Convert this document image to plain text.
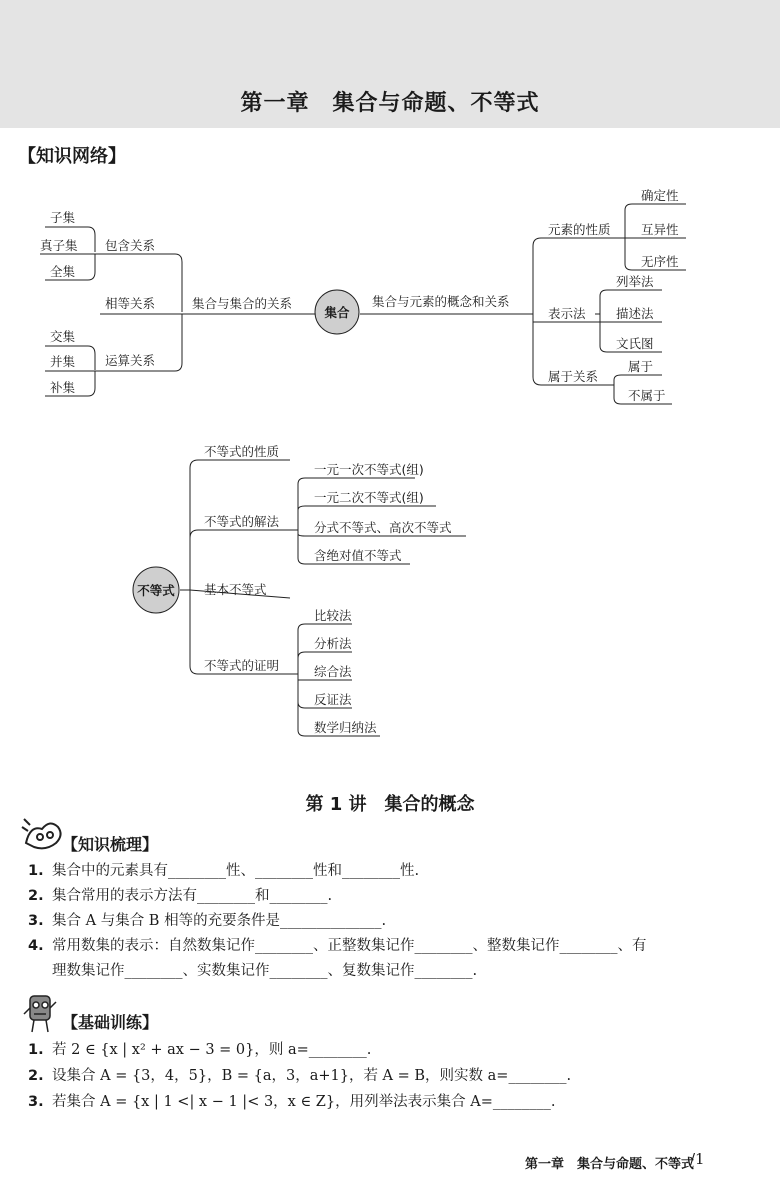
第一章　集合与命题、不等式
【知识网络】
集合
集合与集合的关系	集合与元素的概念和关系
包含关系
子集
真子集
全集
相等关系
运算关系
交集
并集
补集
元素的性质
确定性
互异性
无序性
表示法
列举法
描述法
文氏图
属于关系
属于
不属于
不等式
不等式的性质
不等式的解法
一元一次不等式(组)
一元二次不等式(组)
分式不等式、高次不等式
含绝对值不等式
基本不等式
不等式的证明
比较法
分析法
综合法
反证法
数学归纳法
第 1 讲　集合的概念
【知识梳理】
1. 集合中的元素具有________性、________性和________性.
2. 集合常用的表示方法有________和________.
3. 集合 A 与集合 B 相等的充要条件是______________.
4. 常用数集的表示：自然数集记作________、正整数集记作________、整数集记作________、有
理数集记作________、实数集记作________、复数集记作________.
【基础训练】
1. 若 2 ∈ {x | x² + ax − 3 = 0}，则 a=________.
2. 设集合 A = {3，4，5}，B = {a，3，a+1}，若 A = B，则实数 a=________.
3. 若集合 A = {x | 1 <| x − 1 |< 3，x ∈ Z}，用列举法表示集合 A=________.
第一章　集合与命题、不等式
/1
